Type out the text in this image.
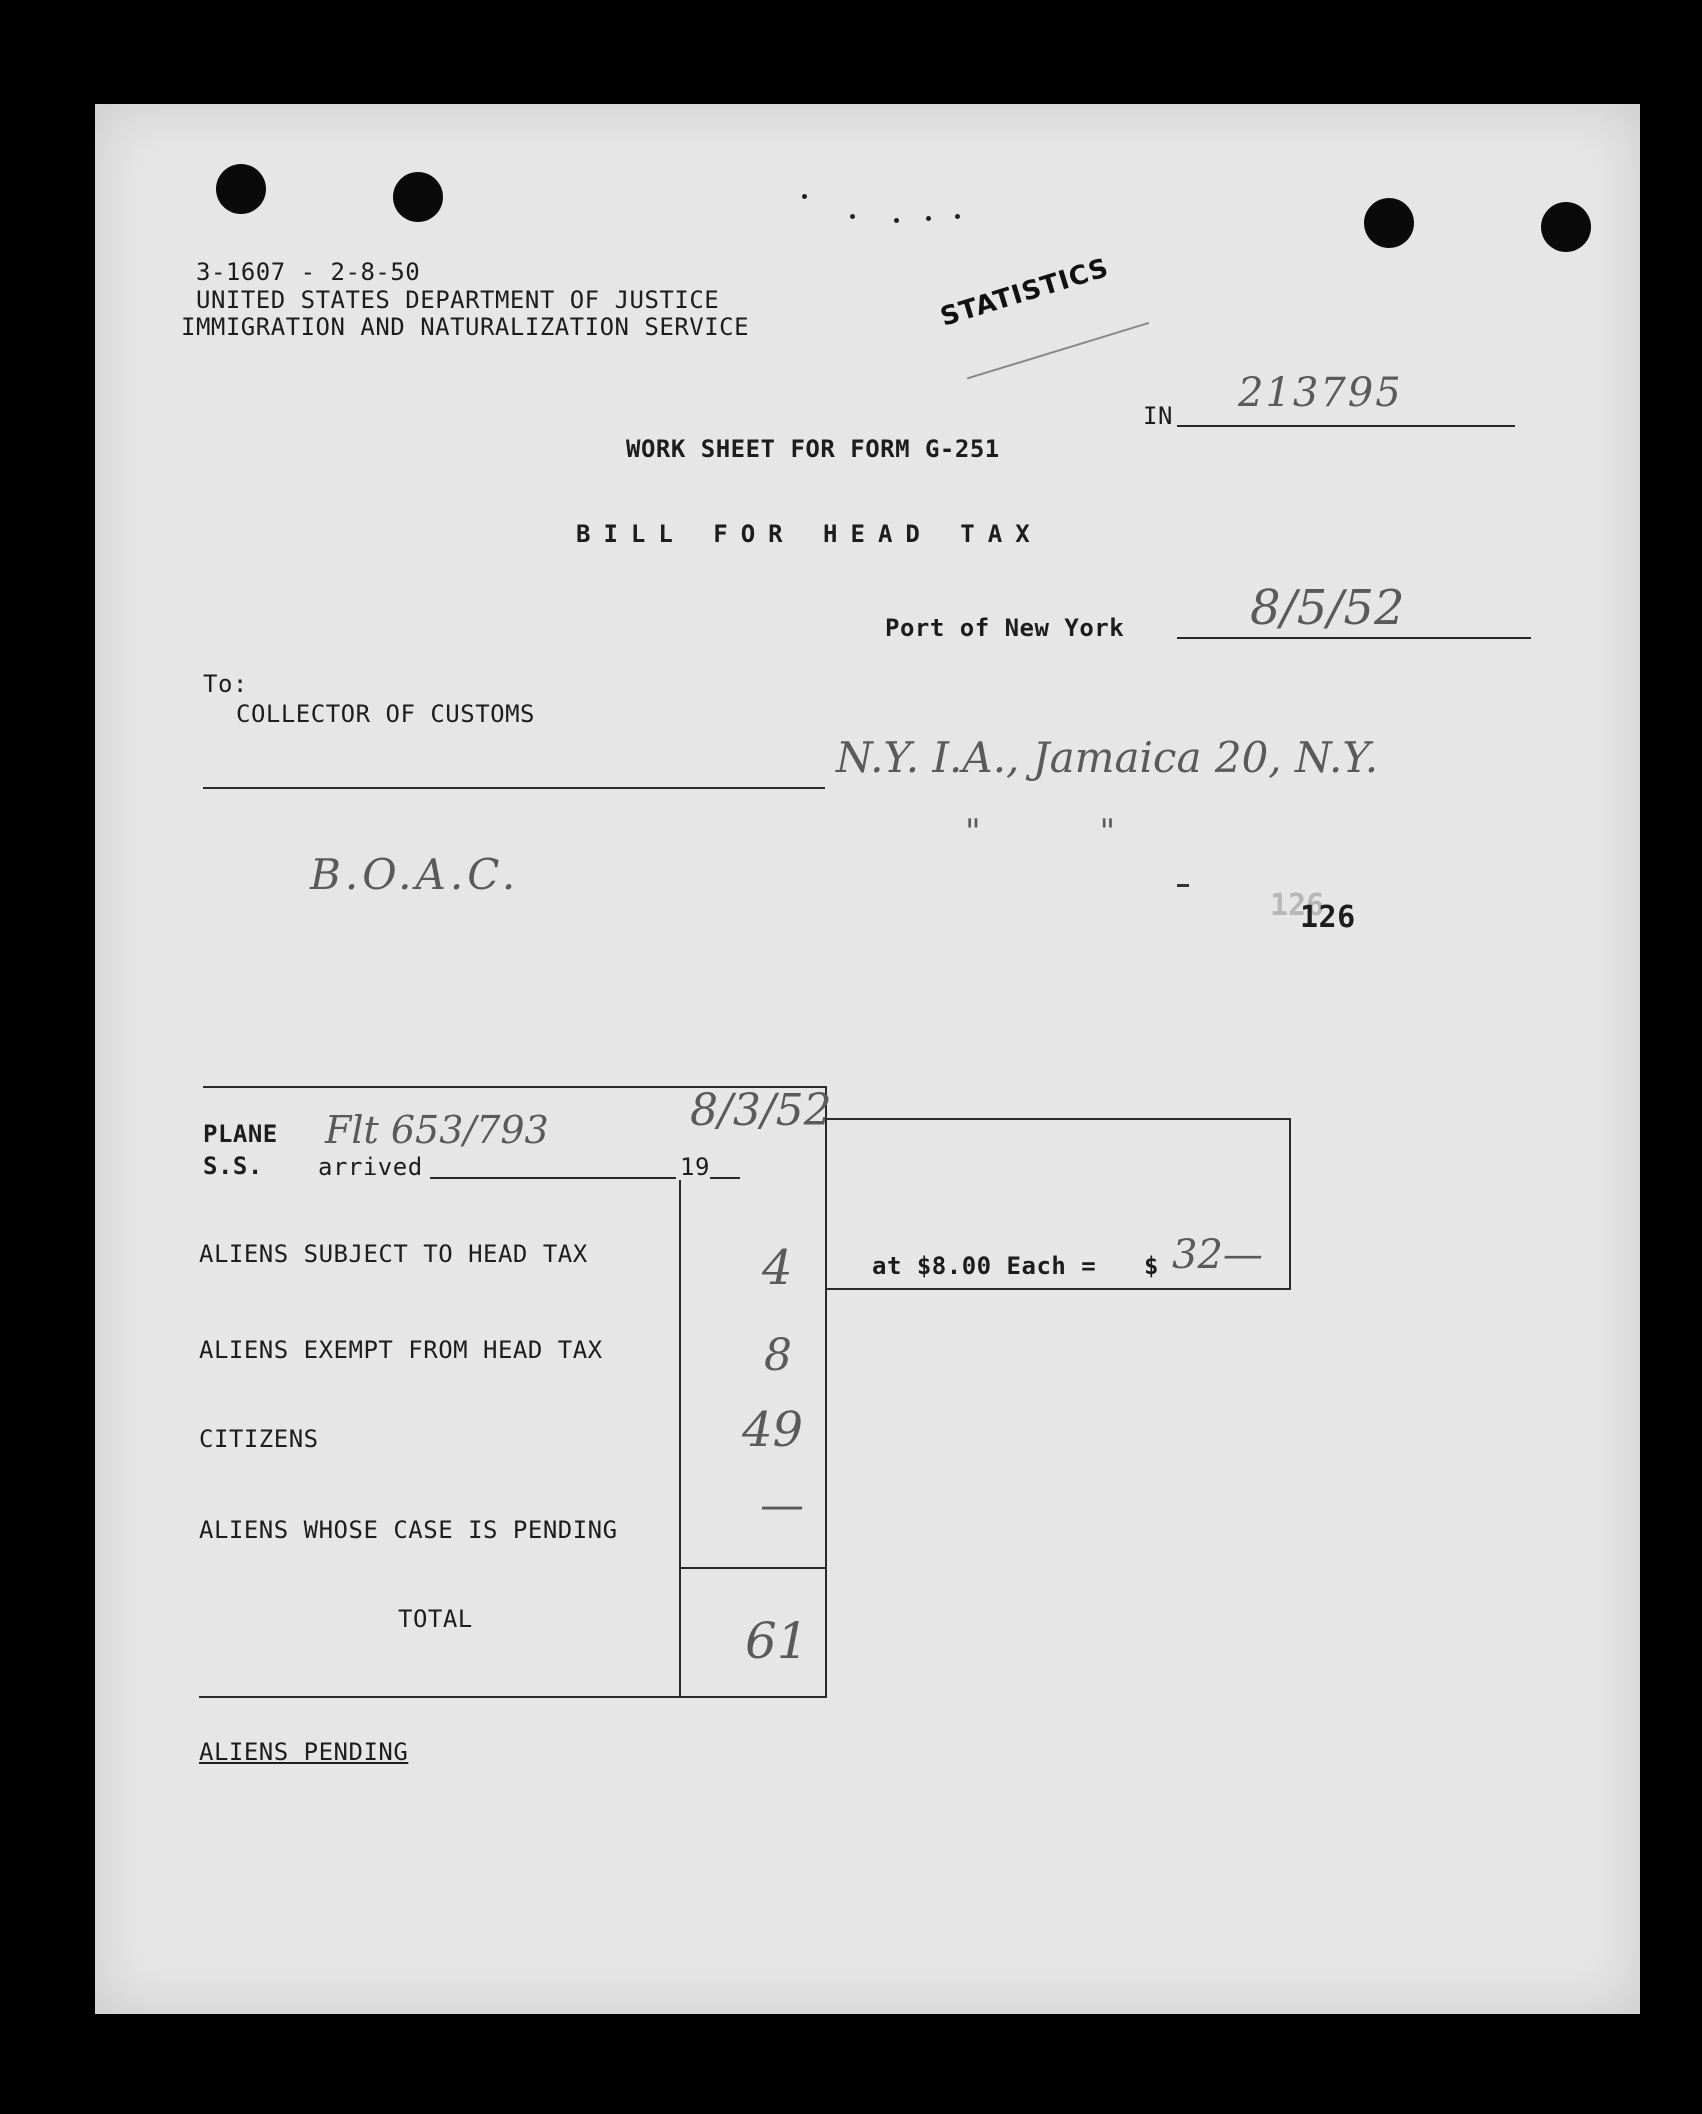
3-1607 - 2-8-50
UNITED STATES DEPARTMENT OF JUSTICE
IMMIGRATION AND NATURALIZATION SERVICE	STATISTICS
IN 213795
WORK SHEET FOR FORM G-251
BILL FOR HEAD TAX
Port of New York	8/5/52
To:
COLLECTOR OF CUSTOMS
N.Y. I.A., Jamaica 20, N.Y.
"           "
B.O.A.C.
126
126
PLANE
S.S. arrived	19
Flt 653/793	8/3/52
ALIENS SUBJECT TO HEAD TAX	4
ALIENS EXEMPT FROM HEAD TAX	8
CITIZENS	49
ALIENS WHOSE CASE IS PENDING	—
TOTAL	61
at $8.00 Each = $ 32—
ALIENS PENDING
